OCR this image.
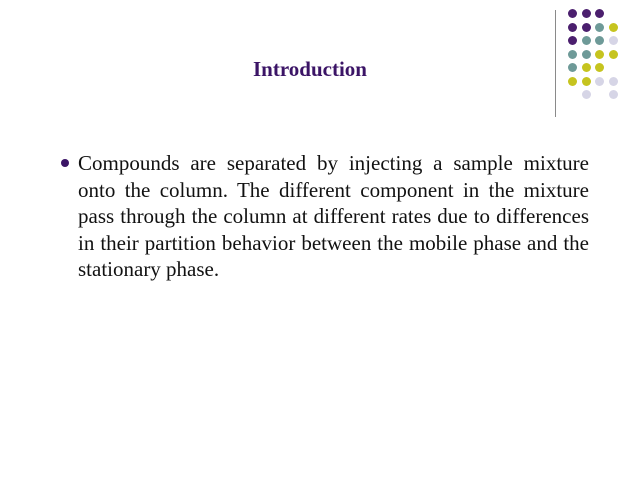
Introduction
Compounds are separated by injecting a sample mixture onto the column. The different component in the mixture pass through the column at different rates due to differences in their partition behavior between the mobile phase and the stationary phase.
